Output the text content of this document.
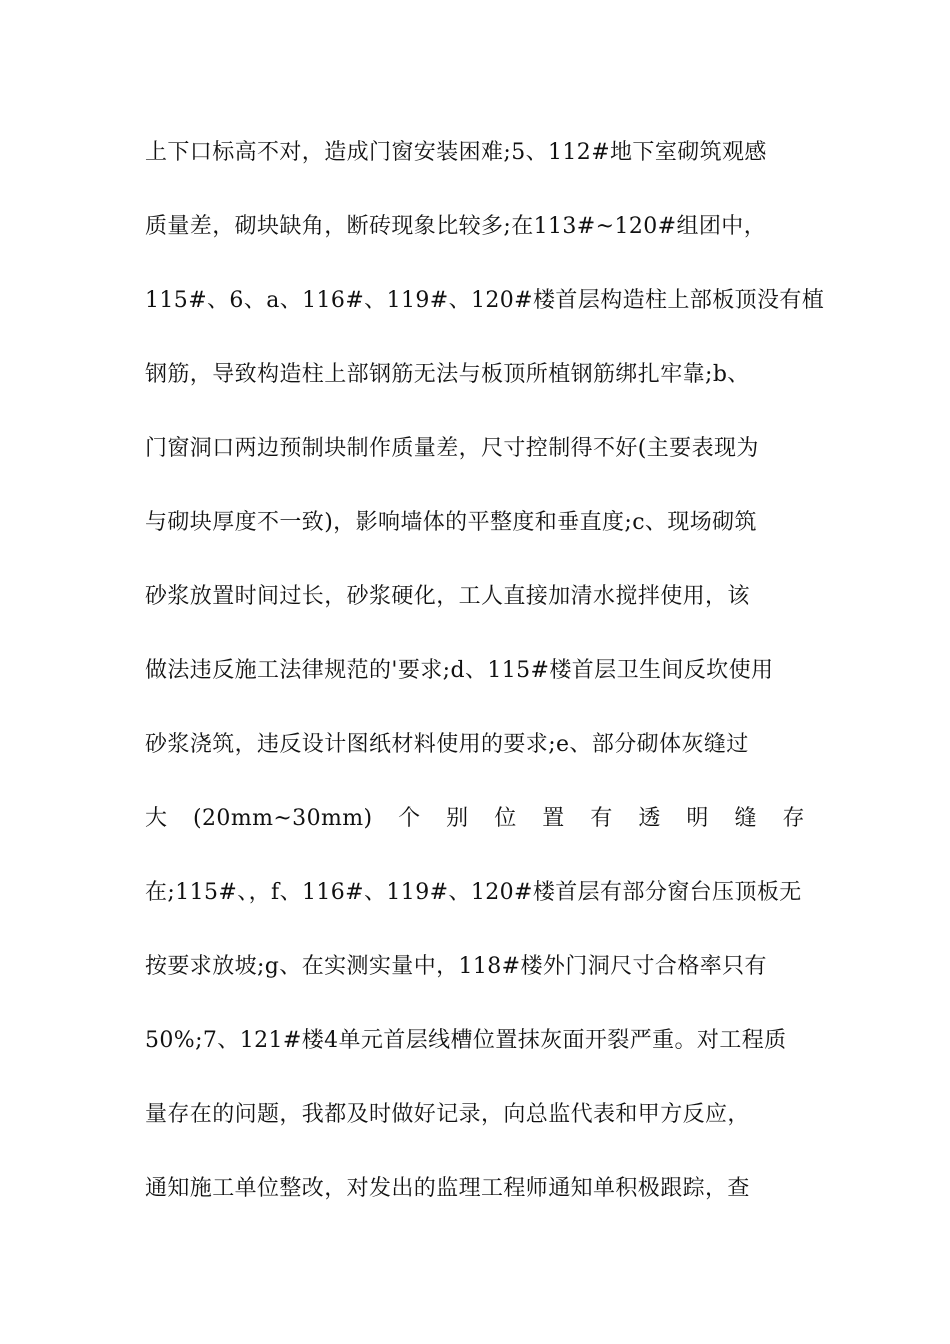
上下口标高不对，造成门窗安装困难;5、112#地下室砌筑观感
质量差，砌块缺角，断砖现象比较多;在113#~120#组团中，
115#、6、a、116#、119#、120#楼首层构造柱上部板顶没有植
钢筋，导致构造柱上部钢筋无法与板顶所植钢筋绑扎牢靠;b、
门窗洞口两边预制块制作质量差，尺寸控制得不好(主要表现为
与砌块厚度不一致)，影响墙体的平整度和垂直度;c、现场砌筑
砂浆放置时间过长，砂浆硬化，工人直接加清水搅拌使用，该
做法违反施工法律规范的'要求;d、115#楼首层卫生间反坎使用
砂浆浇筑，违反设计图纸材料使用的要求;e、部分砌体灰缝过
大 (20mm~30mm) 个 别 位 置 有 透 明 缝 存
在;115#、，f、116#、119#、120#楼首层有部分窗台压顶板无
按要求放坡;g、在实测实量中，118#楼外门洞尺寸合格率只有
50%;7、121#楼4单元首层线槽位置抹灰面开裂严重。对工程质
量存在的问题，我都及时做好记录，向总监代表和甲方反应，
通知施工单位整改，对发出的监理工程师通知单积极跟踪，查
